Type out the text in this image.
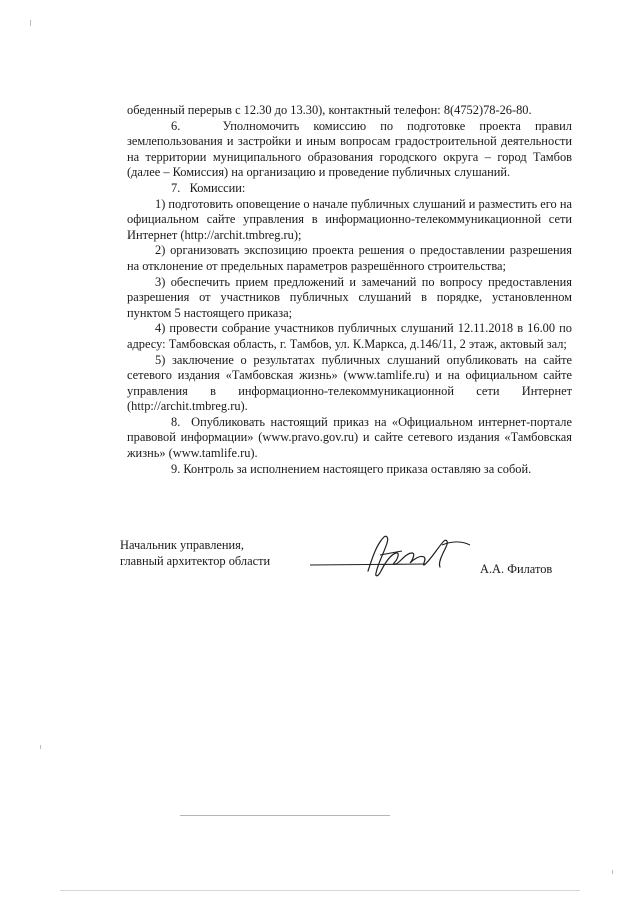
обеденный перерыв с 12.30 до 13.30), контактный телефон: 8(4752)78-26-80.

6.   Уполномочить комиссию по подготовке проекта правил землепользования и застройки и иным вопросам градостроительной деятельности на территории муниципального образования городского округа – город Тамбов (далее – Комиссия) на организацию и проведение публичных слушаний.

7.   Комиссии:

1) подготовить оповещение о начале публичных слушаний и разместить его на официальном сайте управления в информационно-телекоммуникационной сети Интернет (http://archit.tmbreg.ru);

2) организовать экспозицию проекта решения о предоставлении разрешения на отклонение от предельных параметров разрешённого строительства;

3) обеспечить прием предложений и замечаний по вопросу предоставления разрешения от участников публичных слушаний в порядке, установленном пунктом 5 настоящего приказа;

4) провести собрание участников публичных слушаний 12.11.2018 в 16.00 по адресу: Тамбовская область, г. Тамбов, ул. К.Маркса, д.146/11, 2 этаж, актовый зал;

5) заключение о результатах публичных слушаний опубликовать на сайте сетевого издания «Тамбовская жизнь» (www.tamlife.ru) и на официальном сайте управления в информационно-телекоммуникационной сети Интернет (http://archit.tmbreg.ru).

8.  Опубликовать настоящий приказ на «Официальном интернет-портале правовой информации» (www.pravo.gov.ru) и сайте сетевого издания «Тамбовская жизнь» (www.tamlife.ru).

9. Контроль за исполнением настоящего приказа оставляю за собой.

Начальник управления,
главный архитектор области
А.А. Филатов
